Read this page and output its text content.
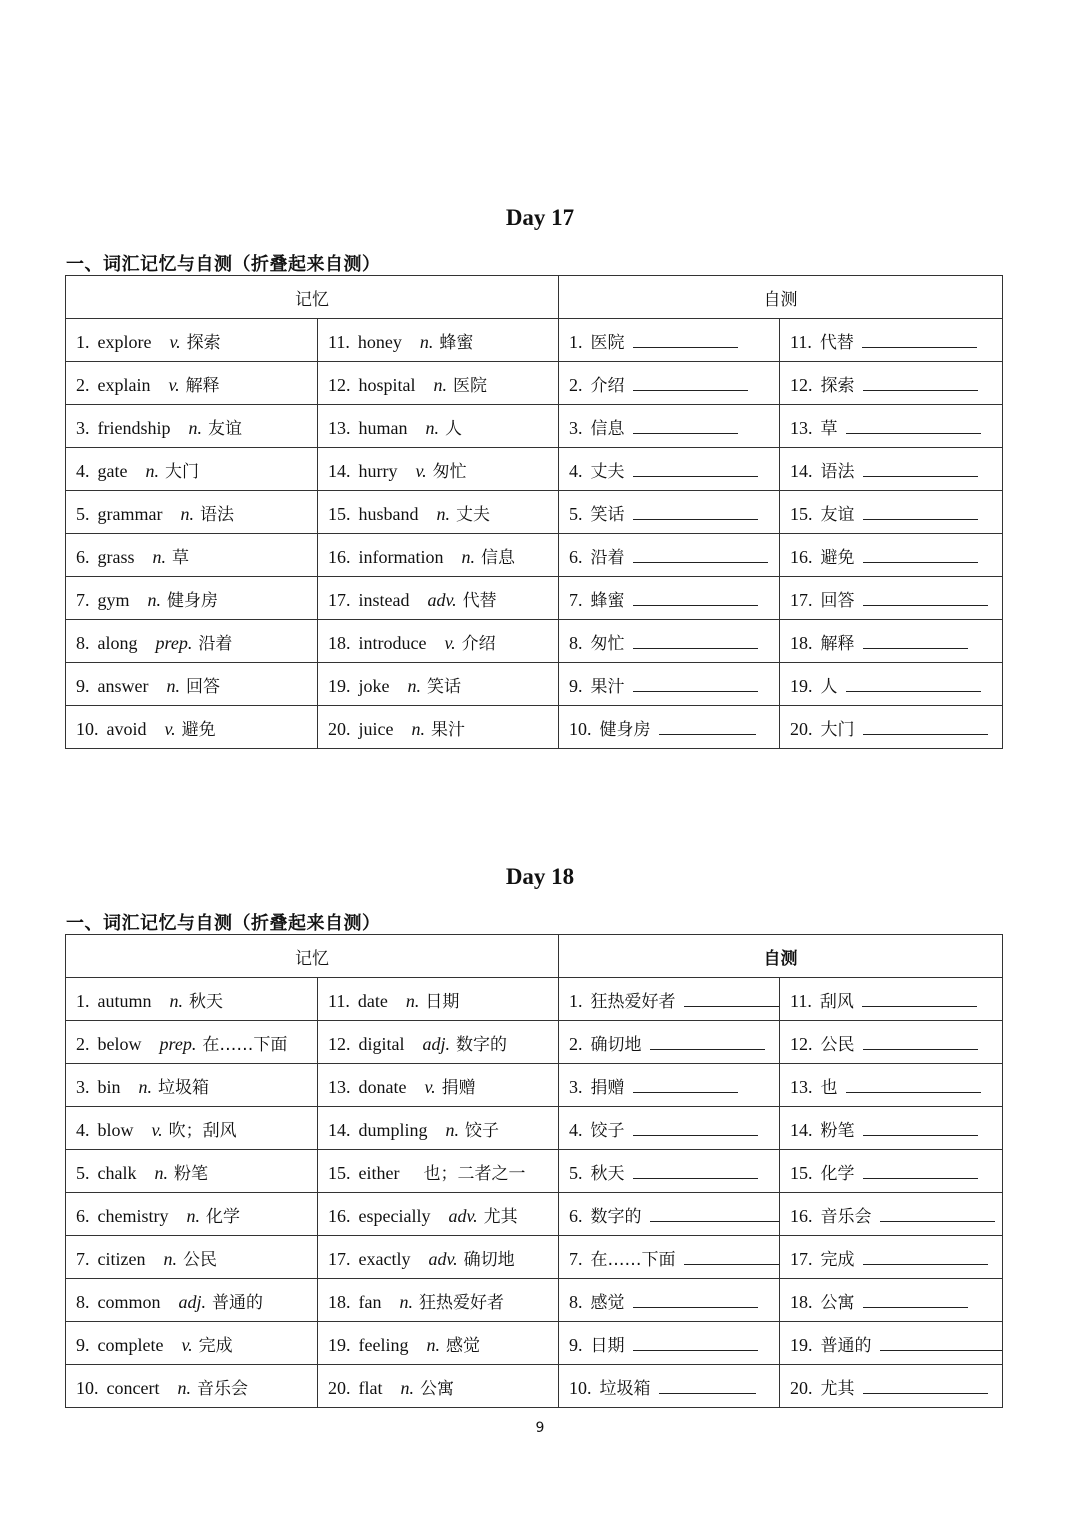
Day 17
一、词汇记忆与自测（折叠起来自测）
记忆		自测	
1. explore v. 探索	11. honey n. 蜂蜜	1. 医院	11. 代替
2. explain v. 解释	12. hospital n. 医院	2. 介绍	12. 探索
3. friendship n. 友谊	13. human n. 人	3. 信息	13. 草
4. gate n. 大门	14. hurry v. 匆忙	4. 丈夫	14. 语法
5. grammar n. 语法	15. husband n. 丈夫	5. 笑话	15. 友谊
6. grass n. 草	16. information n. 信息	6. 沿着	16. 避免
7. gym n. 健身房	17. instead adv. 代替	7. 蜂蜜	17. 回答
8. along prep. 沿着	18. introduce v. 介绍	8. 匆忙	18. 解释
9. answer n. 回答	19. joke n. 笑话	9. 果汁	19. 人
10. avoid v. 避免	20. juice n. 果汁	10. 健身房	20. 大门
Day 18
一、词汇记忆与自测（折叠起来自测）
记忆		自测	
1. autumn n. 秋天	11. date n. 日期	1. 狂热爱好者	11. 刮风
2. below prep. 在……下面	12. digital adj. 数字的	2. 确切地	12. 公民
3. bin n. 垃圾箱	13. donate v. 捐赠	3. 捐赠	13. 也
4. blow v. 吹；刮风	14. dumpling n. 饺子	4. 饺子	14. 粉笔
5. chalk n. 粉笔	15. either 也；二者之一	5. 秋天	15. 化学
6. chemistry n. 化学	16. especially adv. 尤其	6. 数字的	16. 音乐会
7. citizen n. 公民	17. exactly adv. 确切地	7. 在……下面	17. 完成
8. common adj. 普通的	18. fan n. 狂热爱好者	8. 感觉	18. 公寓
9. complete v. 完成	19. feeling n. 感觉	9. 日期	19. 普通的
10. concert n. 音乐会	20. flat n. 公寓	10. 垃圾箱	20. 尤其
9
